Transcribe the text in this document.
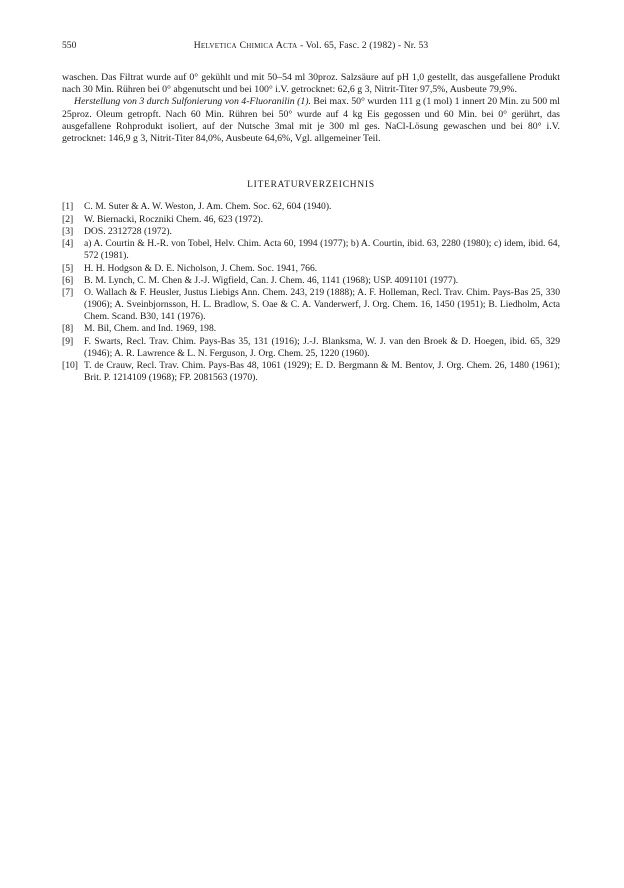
550	Helvetica Chimica Acta - Vol. 65, Fasc. 2 (1982) - Nr. 53

waschen. Das Filtrat wurde auf 0° gekühlt und mit 50–54 ml 30proz. Salzsäure auf pH 1,0 gestellt, das ausgefallene Produkt nach 30 Min. Rühren bei 0° abgenutscht und bei 100° i.V. getrocknet: 62,6 g 3, Nitrit-Titer 97,5%, Ausbeute 79,9%.

Herstellung von 3 durch Sulfonierung von 4-Fluoranilin (1). Bei max. 50° wurden 111 g (1 mol) 1 innert 20 Min. zu 500 ml 25proz. Oleum getropft. Nach 60 Min. Rühren bei 50° wurde auf 4 kg Eis gegossen und 60 Min. bei 0° gerührt, das ausgefallene Rohprodukt isoliert, auf der Nutsche 3mal mit je 300 ml ges. NaCl-Lösung gewaschen und bei 80° i.V. getrocknet: 146,9 g 3, Nitrit-Titer 84,0%, Ausbeute 64,6%, Vgl. allgemeiner Teil.

LITERATURVERZEICHNIS
[1]	C. M. Suter & A. W. Weston, J. Am. Chem. Soc. 62, 604 (1940).
[2]	W. Biernacki, Roczniki Chem. 46, 623 (1972).
[3]	DOS. 2312728 (1972).
[4]	a) A. Courtin & H.-R. von Tobel, Helv. Chim. Acta 60, 1994 (1977); b) A. Courtin, ibid. 63, 2280 (1980); c) idem, ibid. 64, 572 (1981).
[5]	H. H. Hodgson & D. E. Nicholson, J. Chem. Soc. 1941, 766.
[6]	B. M. Lynch, C. M. Chen & J.-J. Wigfield, Can. J. Chem. 46, 1141 (1968); USP. 4091101 (1977).
[7]	O. Wallach & F. Heusler, Justus Liebigs Ann. Chem. 243, 219 (1888); A. F. Holleman, Recl. Trav. Chim. Pays-Bas 25, 330 (1906); A. Sveinbjornsson, H. L. Bradlow, S. Oae & C. A. Vanderwerf, J. Org. Chem. 16, 1450 (1951); B. Liedholm, Acta Chem. Scand. B30, 141 (1976).
[8]	M. Bil, Chem. and Ind. 1969, 198.
[9]	F. Swarts, Recl. Trav. Chim. Pays-Bas 35, 131 (1916); J.-J. Blanksma, W. J. van den Broek & D. Hoegen, ibid. 65, 329 (1946); A. R. Lawrence & L. N. Ferguson, J. Org. Chem. 25, 1220 (1960).
[10] T. de Crauw, Recl. Trav. Chim. Pays-Bas 48, 1061 (1929); E. D. Bergmann & M. Bentov, J. Org. Chem. 26, 1480 (1961); Brit. P. 1214109 (1968); FP. 2081563 (1970).
